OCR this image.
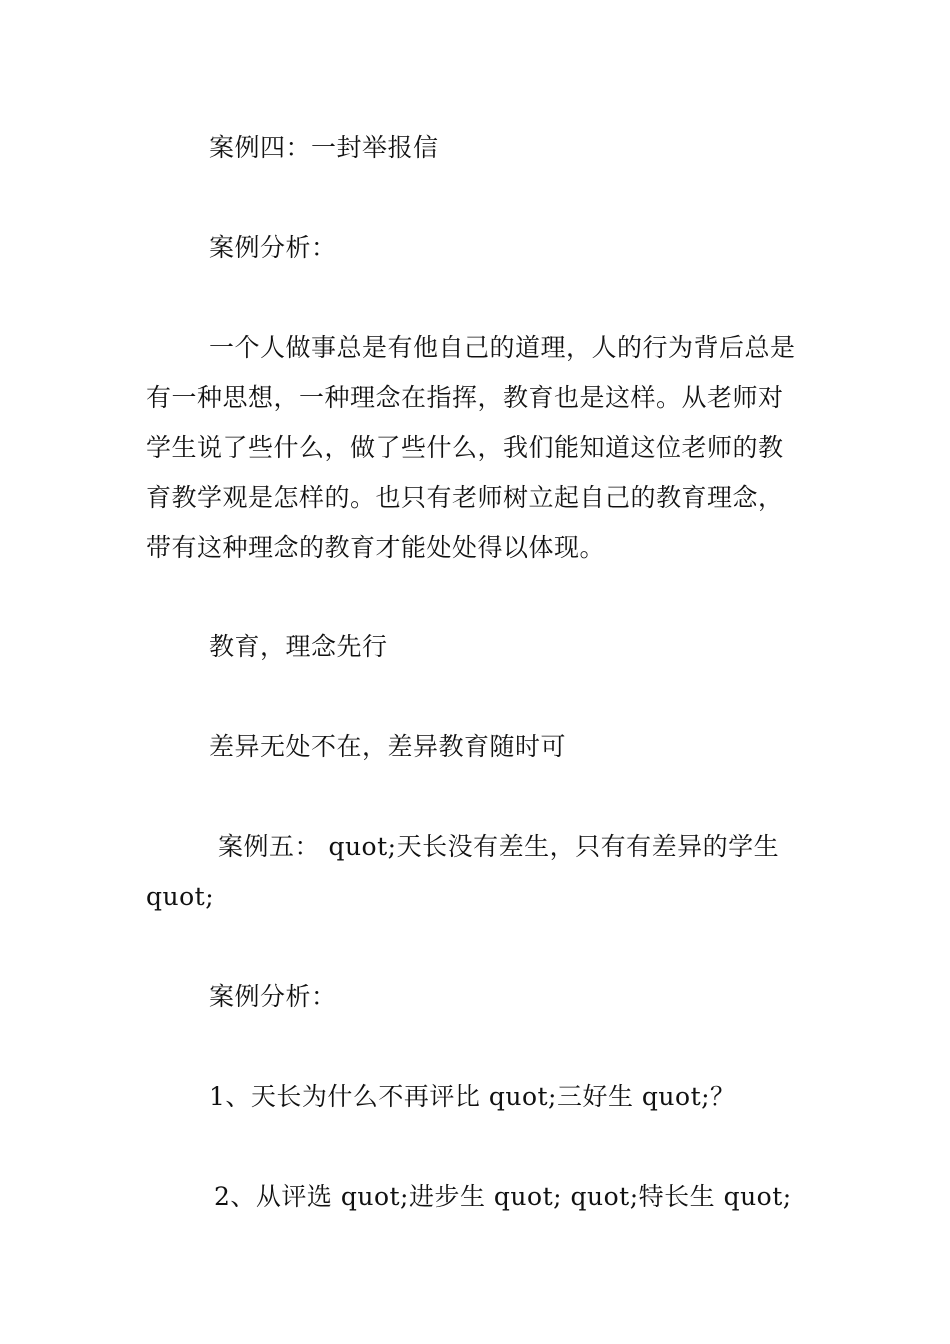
案例四：一封举报信
案例分析：
一个人做事总是有他自己的道理，人的行为背后总是
有一种思想，一种理念在指挥，教育也是这样。从老师对
学生说了些什么，做了些什么，我们能知道这位老师的教
育教学观是怎样的。也只有老师树立起自己的教育理念，
带有这种理念的教育才能处处得以体现。
教育，理念先行
差异无处不在，差异教育随时可
案例五： quot;天长没有差生，只有有差异的学生
quot;
案例分析：
1、天长为什么不再评比 quot;三好生 quot;？
2、从评选 quot;进步生 quot; quot;特长生 quot;
